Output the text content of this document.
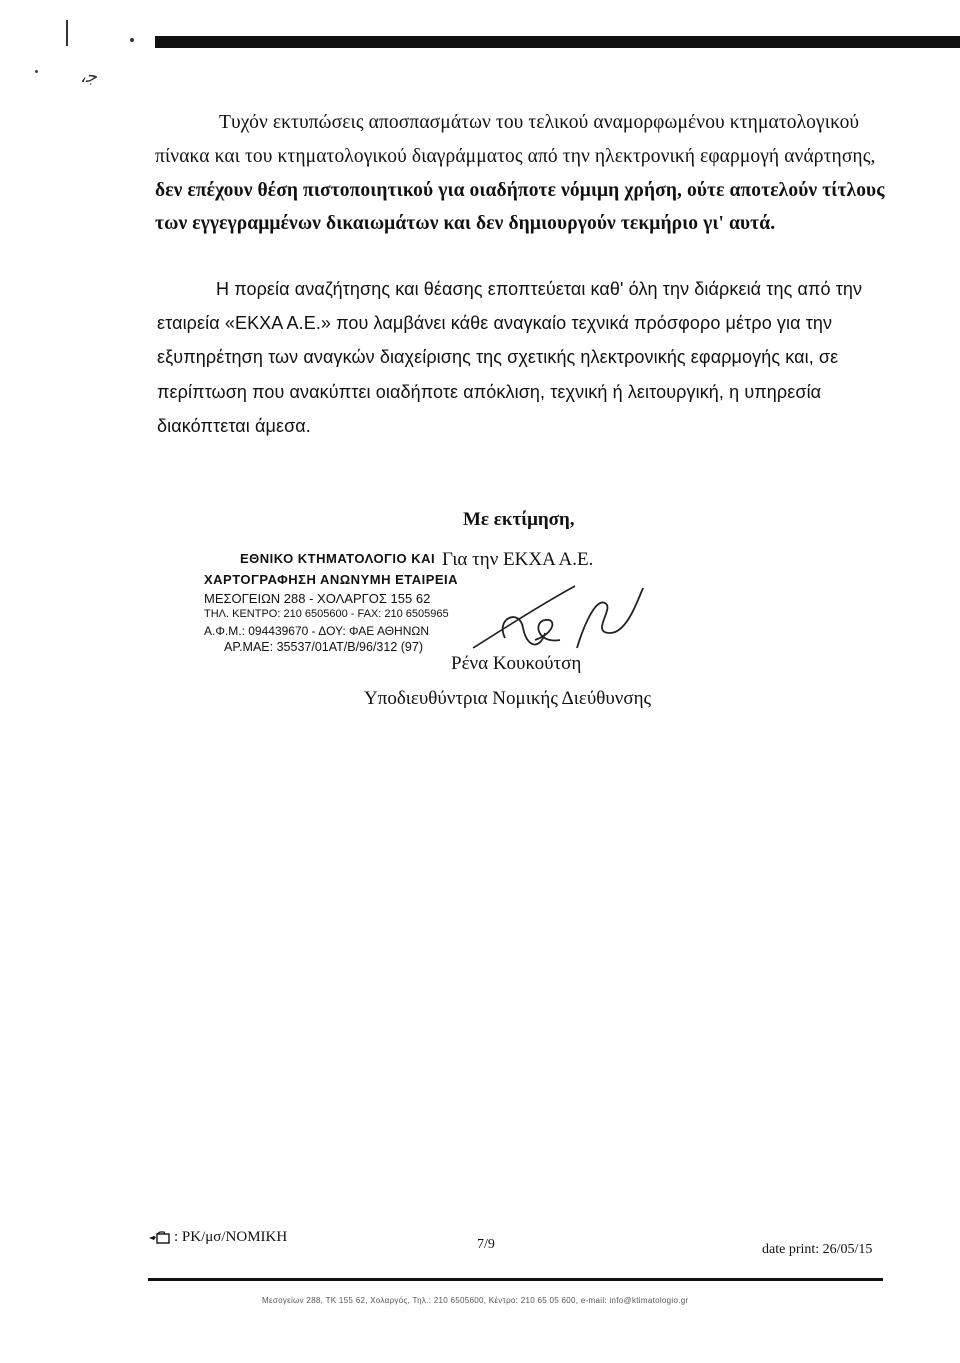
،ﺟ
Τυχόν εκτυπώσεις αποσπασμάτων του τελικού αναμορφωμένου κτηματολογικού
πίνακα και του κτηματολογικού διαγράμματος από την ηλεκτρονική εφαρμογή ανάρτησης,
δεν επέχουν θέση πιστοποιητικού για οιαδήποτε νόμιμη χρήση, ούτε αποτελούν τίτλους
των εγγεγραμμένων δικαιωμάτων και δεν δημιουργούν τεκμήριο γι' αυτά.
Η πορεία αναζήτησης και θέασης εποπτεύεται καθ' όλη την διάρκειά της από την
εταιρεία «ΕΚΧΑ Α.Ε.» που λαμβάνει κάθε αναγκαίο τεχνικά πρόσφορο μέτρο για την
εξυπηρέτηση των αναγκών διαχείρισης της σχετικής ηλεκτρονικής εφαρμογής και, σε
περίπτωση που ανακύπτει οιαδήποτε απόκλιση, τεχνική ή λειτουργική, η υπηρεσία
διακόπτεται άμεσα.
Με εκτίμηση,
Για την ΕΚΧΑ Α.Ε.
ΕΘΝΙΚΟ ΚΤΗΜΑΤΟΛΟΓΙΟ ΚΑΙ
ΧΑΡΤΟΓΡΑΦΗΣΗ ΑΝΩΝΥΜΗ ΕΤΑΙΡΕΙΑ
ΜΕΣΟΓΕΙΩΝ 288 - ΧΟΛΑΡΓΟΣ 155 62
ΤΗΛ. ΚΕΝΤΡΟ: 210 6505600 - FAX: 210 6505965
Α.Φ.Μ.: 094439670 - ΔΟΥ: ΦΑΕ ΑΘΗΝΩΝ
ΑΡ.ΜΑΕ: 35537/01ΑΤ/Β/96/312 (97)
Ρένα Κουκούτση
Υποδιευθύντρια Νομικής Διεύθυνσης
: PK/μσ/ΝΟΜΙΚΗ	7/9	date print: 26/05/15
Μεσογείων 288, ΤΚ 155 62, Χολαργός, Τηλ.: 210 6505600, Κέντρο: 210 65 05 600, e-mail: info@ktimatologio.gr
